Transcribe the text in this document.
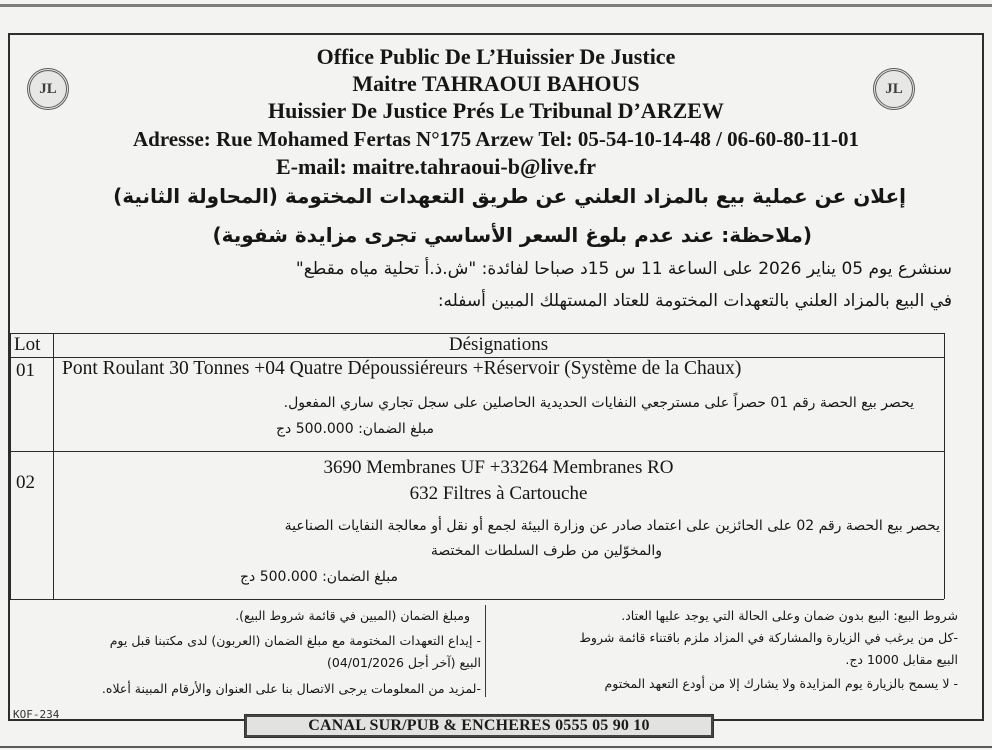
JL	JL
Office Public De L’Huissier De Justice
Maitre TAHRAOUI BAHOUS
Huissier De Justice Prés Le Tribunal D’ARZEW
Adresse: Rue Mohamed Fertas N°175 Arzew Tel: 05-54-10-14-48 / 06-60-80-11-01
E-mail: maitre.tahraoui-b@live.fr
إعلان عن عملية بيع بالمزاد العلني عن طريق التعهدات المختومة (المحاولة الثانية)
(ملاحظة: عند عدم بلوغ السعر الأساسي تجرى مزايدة شفوية)
سنشرع يوم 05 يناير 2026 على الساعة 11 س 15د صباحا لفائدة: "ش.ذ.أ تحلية مياه مقطع"
في البيع بالمزاد العلني بالتعهدات المختومة للعتاد المستهلك المبين أسفله:
Lot	Désignations
01 Pont Roulant 30 Tonnes +04 Quatre Dépoussiéreurs +Réservoir (Système de la Chaux)
يحصر بيع الحصة رقم 01 حصراً على مسترجعي النفايات الحديدية الحاصلين على سجل تجاري ساري المفعول.
مبلغ الضمان: 500.000 دج
02
3690 Membranes UF +33264 Membranes RO
632 Filtres à Cartouche
يحصر بيع الحصة رقم 02 على الحائزين على اعتماد صادر عن وزارة البيئة لجمع أو نقل أو معالجة النفايات الصناعية
والمخوّلين من طرف السلطات المختصة
مبلغ الضمان: 500.000 دج
شروط البيع: البيع بدون ضمان وعلى الحالة التي يوجد عليها العتاد.
-كل من يرغب في الزيارة والمشاركة في المزاد ملزم باقتناء قائمة شروط
البيع مقابل 1000 دج.
- لا يسمح بالزيارة يوم المزايدة ولا يشارك إلا من أودع التعهد المختوم
ومبلغ الضمان (المبين في قائمة شروط البيع).
- إيداع التعهدات المختومة مع مبلغ الضمان (العربون) لدى مكتبنا قبل يوم
البيع (آخر أجل 04/01/2026)
-لمزيد من المعلومات يرجى الاتصال بنا على العنوان والأرقام المبينة أعلاه.
KOF-234
CANAL SUR/PUB & ENCHERES 0555 05 90 10
